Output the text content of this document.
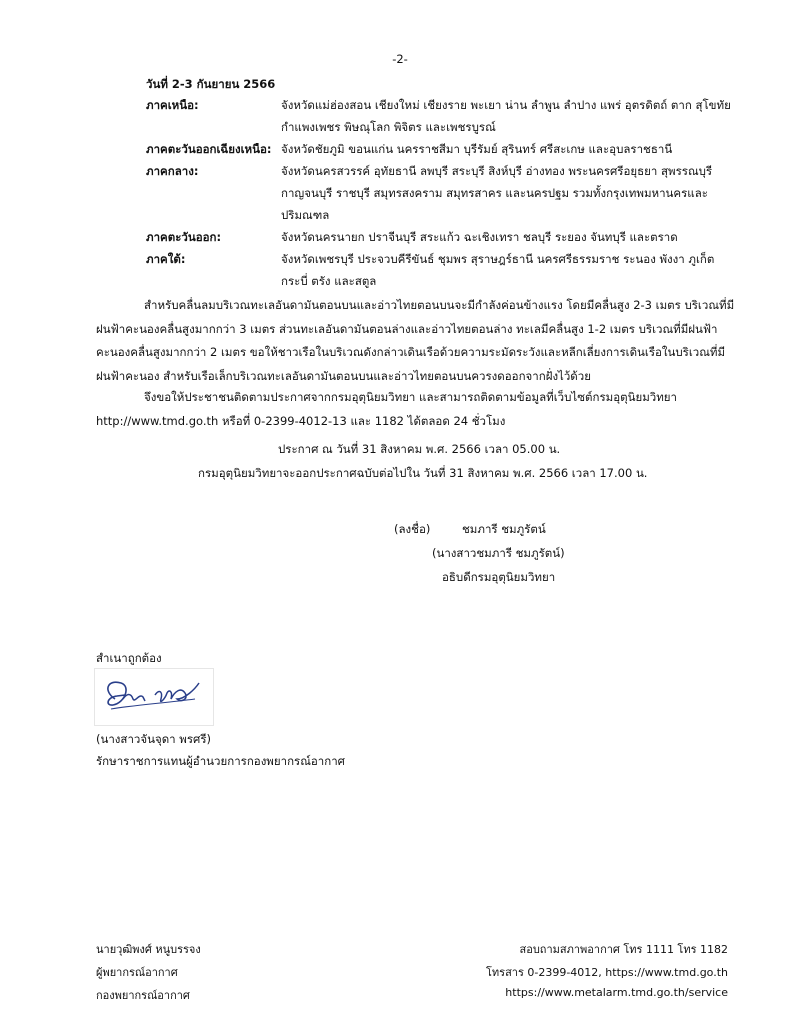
-2-
วันที่ 2-3 กันยายน 2566
ภาคเหนือ:	จังหวัดแม่ฮ่องสอน เชียงใหม่ เชียงราย พะเยา น่าน ลำพูน ลำปาง แพร่ อุตรดิตถ์ ตาก สุโขทัย
กำแพงเพชร พิษณุโลก พิจิตร และเพชรบูรณ์
ภาคตะวันออกเฉียงเหนือ: จังหวัดชัยภูมิ ขอนแก่น นครราชสีมา บุรีรัมย์ สุรินทร์ ศรีสะเกษ และอุบลราชธานี
ภาคกลาง:	จังหวัดนครสวรรค์ อุทัยธานี ลพบุรี สระบุรี สิงห์บุรี อ่างทอง พระนครศรีอยุธยา สุพรรณบุรี
กาญจนบุรี ราชบุรี สมุทรสงคราม สมุทรสาคร และนครปฐม รวมทั้งกรุงเทพมหานครและ
ปริมณฑล
ภาคตะวันออก:	จังหวัดนครนายก ปราจีนบุรี สระแก้ว ฉะเชิงเทรา ชลบุรี ระยอง จันทบุรี และตราด
ภาคใต้:	จังหวัดเพชรบุรี ประจวบคีรีขันธ์ ชุมพร สุราษฎร์ธานี นครศรีธรรมราช ระนอง พังงา ภูเก็ต
กระบี่ ตรัง และสตูล
สำหรับคลื่นลมบริเวณทะเลอันดามันตอนบนและอ่าวไทยตอนบนจะมีกำลังค่อนข้างแรง โดยมีคลื่นสูง 2-3 เมตร บริเวณที่มี
ฝนฟ้าคะนองคลื่นสูงมากกว่า 3 เมตร ส่วนทะเลอันดามันตอนล่างและอ่าวไทยตอนล่าง ทะเลมีคลื่นสูง 1-2 เมตร บริเวณที่มีฝนฟ้า
คะนองคลื่นสูงมากกว่า 2 เมตร ขอให้ชาวเรือในบริเวณดังกล่าวเดินเรือด้วยความระมัดระวังและหลีกเลี่ยงการเดินเรือในบริเวณที่มี
ฝนฟ้าคะนอง สำหรับเรือเล็กบริเวณทะเลอันดามันตอนบนและอ่าวไทยตอนบนควรงดออกจากฝั่งไว้ด้วย
จึงขอให้ประชาชนติดตามประกาศจากกรมอุตุนิยมวิทยา และสามารถติดตามข้อมูลที่เว็บไซต์กรมอุตุนิยมวิทยา
http://www.tmd.go.th หรือที่ 0-2399-4012-13 และ 1182 ได้ตลอด 24 ชั่วโมง
ประกาศ ณ วันที่ 31 สิงหาคม พ.ศ. 2566 เวลา 05.00 น.
กรมอุตุนิยมวิทยาจะออกประกาศฉบับต่อไปใน วันที่ 31 สิงหาคม พ.ศ. 2566 เวลา 17.00 น.
(ลงชื่อ)	ชมภารี ชมภูรัตน์
(นางสาวชมภารี ชมภูรัตน์)
อธิบดีกรมอุตุนิยมวิทยา
สำเนาถูกต้อง
(นางสาวจันจุดา พรศรี)
รักษาราชการแทนผู้อำนวยการกองพยากรณ์อากาศ
นายวุฒิพงศ์ หนูบรรจง
ผู้พยากรณ์อากาศ
กองพยากรณ์อากาศ
สอบถามสภาพอากาศ โทร 1111 โทร 1182
โทรสาร 0-2399-4012, https://www.tmd.go.th
https://www.metalarm.tmd.go.th/service
